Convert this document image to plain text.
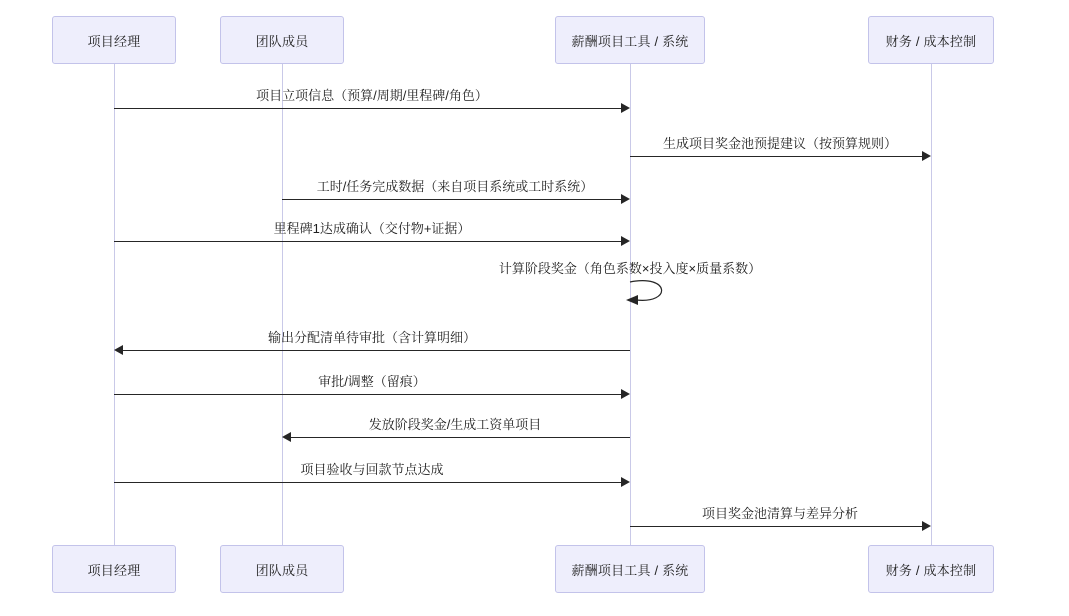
项目经理	团队成员	薪酬项目工具 / 系统	财务 / 成本控制
项目经理	团队成员	薪酬项目工具 / 系统	财务 / 成本控制
项目立项信息（预算/周期/里程碑/角色）
生成项目奖金池预提建议（按预算规则）
工时/任务完成数据（来自项目系统或工时系统）
里程碑1达成确认（交付物+证据）
计算阶段奖金（角色系数×投入度×质量系数）
输出分配清单待审批（含计算明细）
审批/调整（留痕）
发放阶段奖金/生成工资单项目
项目验收与回款节点达成
项目奖金池清算与差异分析
